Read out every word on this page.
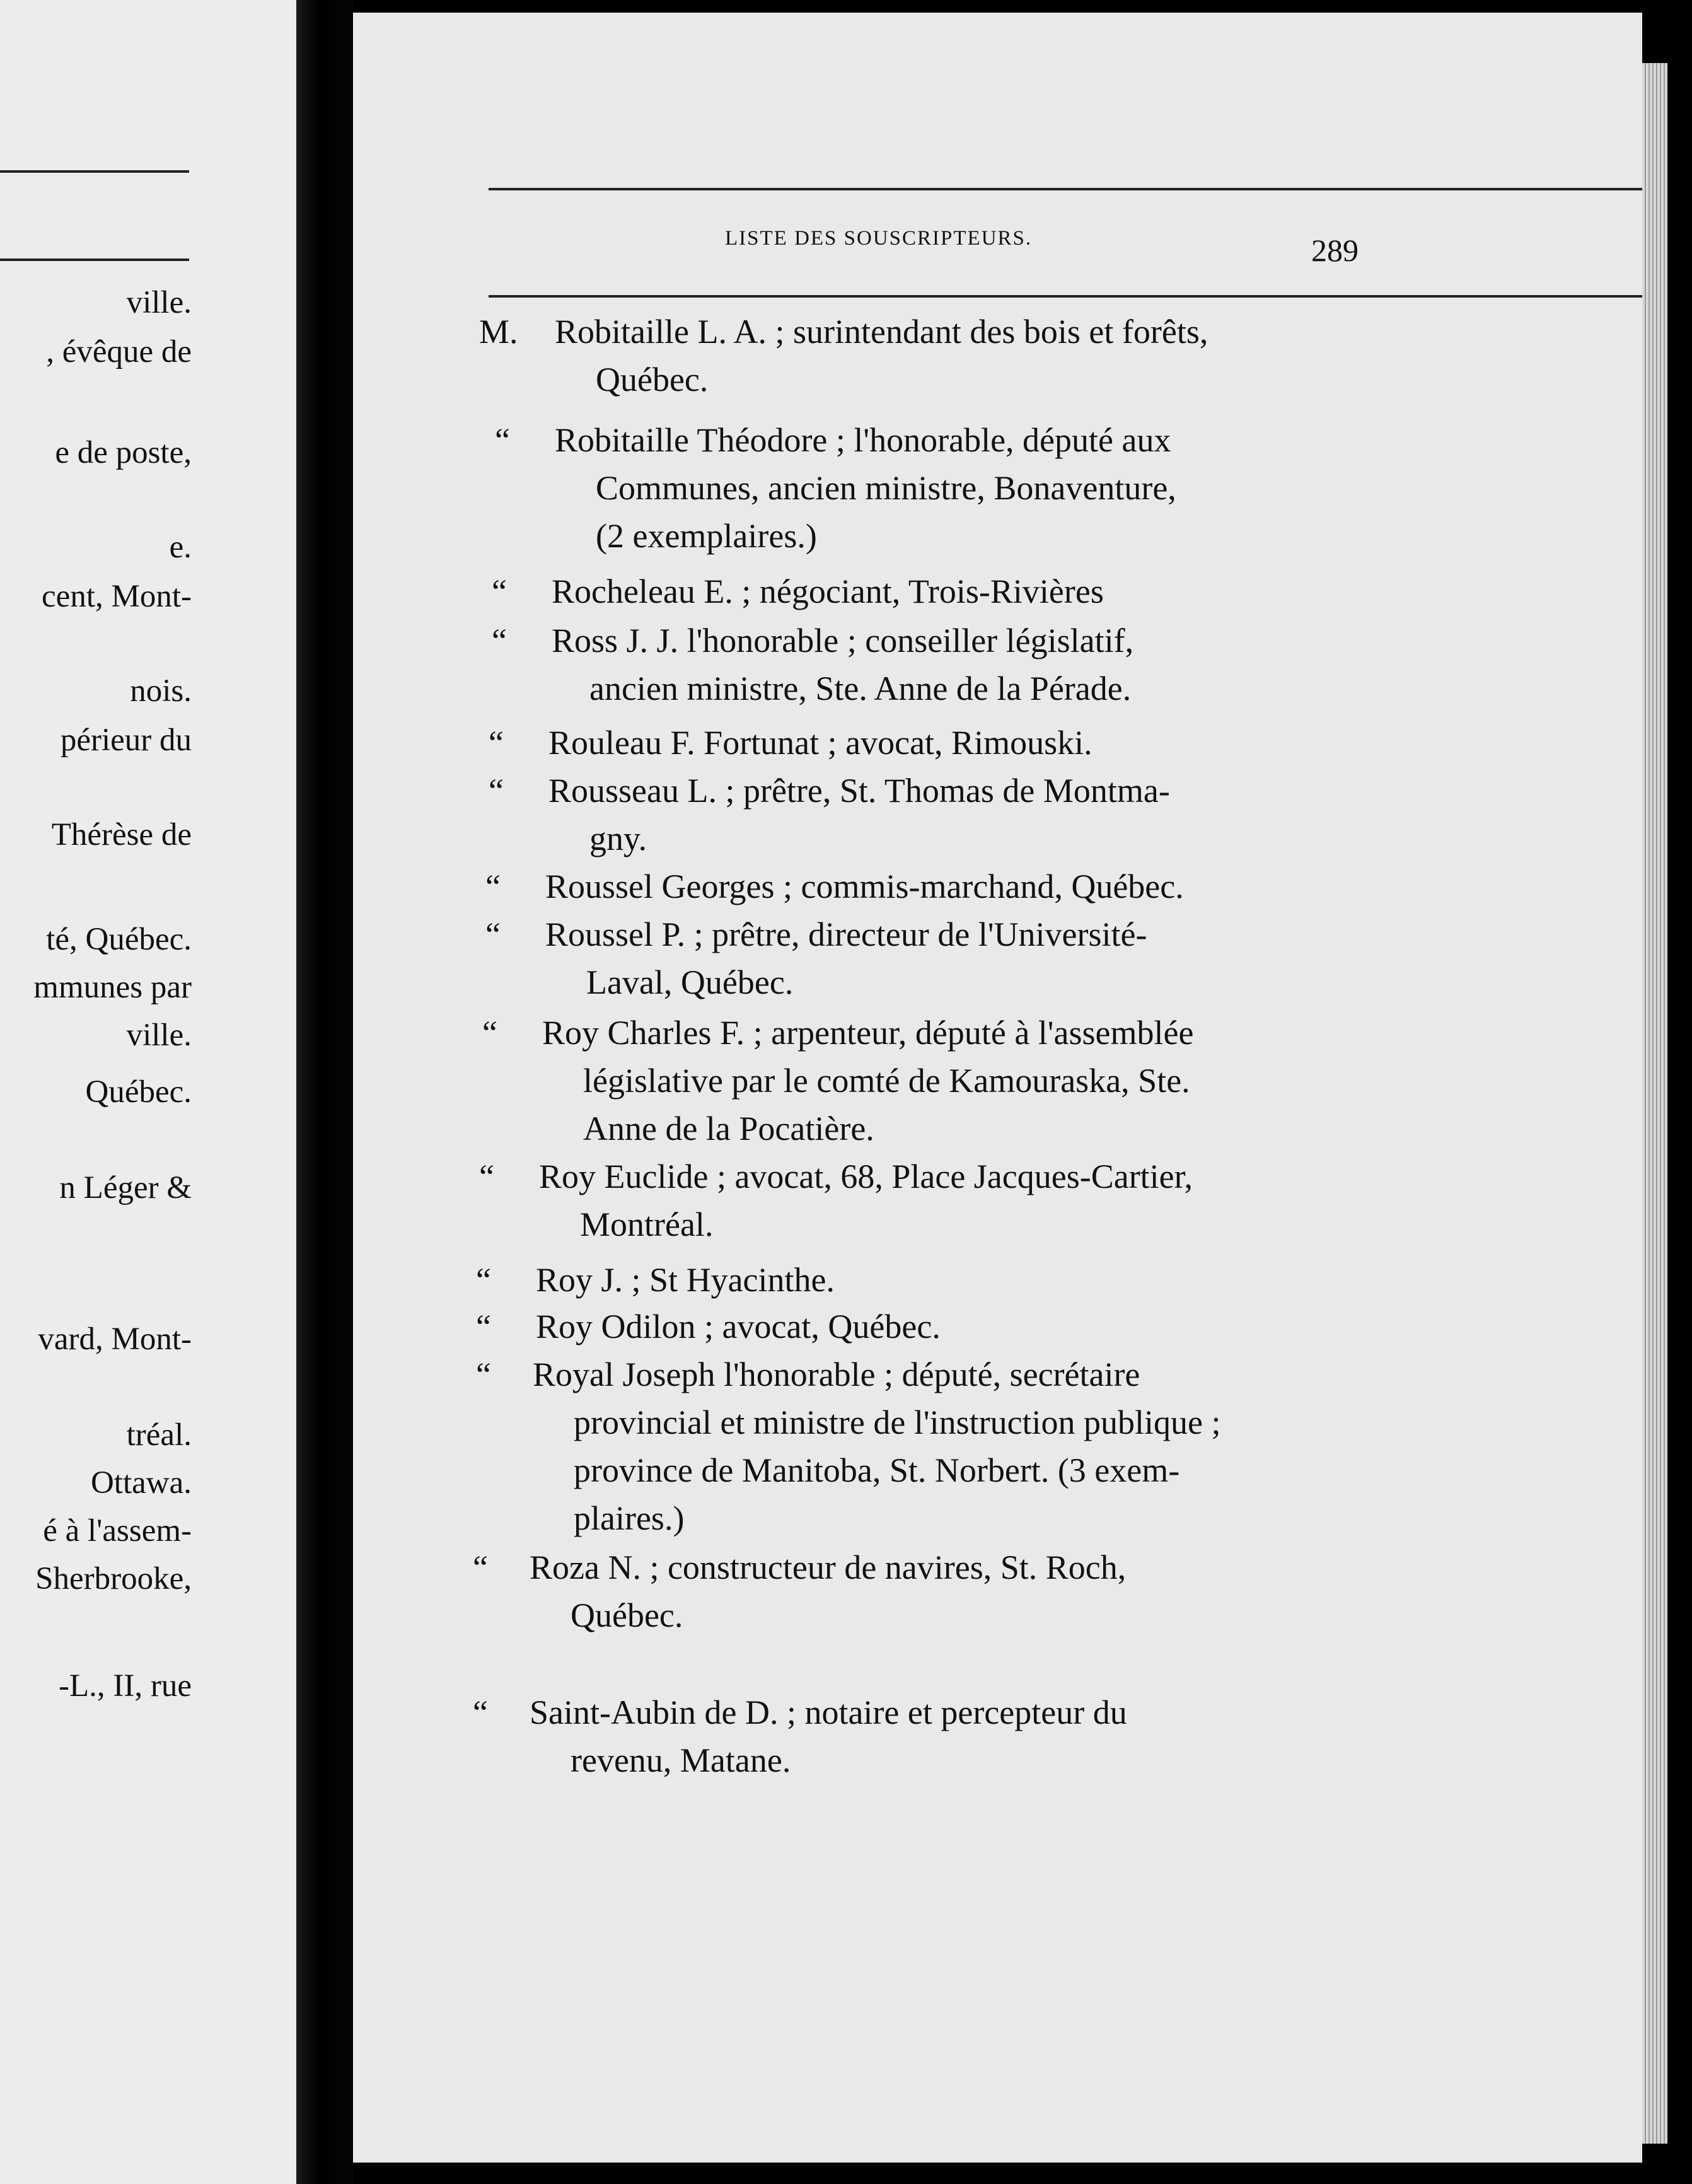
ville.
, évêque de
e de poste,
e.
cent, Mont-
nois.
périeur du
Thérèse de
té, Québec.
mmunes par
ville.
Québec.
n Léger &
vard, Mont-
tréal.
Ottawa.
é à l'assem-
Sherbrooke,
-L., II, rue
LISTE DES SOUSCRIPTEURS.	289
M. Robitaille L. A. ; surintendant des bois et forêts,
Québec.
“ Robitaille Théodore ; l'honorable, député aux
Communes, ancien ministre, Bonaventure,
(2 exemplaires.)
“ Rocheleau E. ; négociant, Trois-Rivières
“ Ross J. J. l'honorable ; conseiller législatif,
ancien ministre, Ste. Anne de la Pérade.
“ Rouleau F. Fortunat ; avocat, Rimouski.
“ Rousseau L. ; prêtre, St. Thomas de Montma-
gny.
“ Roussel Georges ; commis-marchand, Québec.
“ Roussel P. ; prêtre, directeur de l'Université-
Laval, Québec.
“ Roy Charles F. ; arpenteur, député à l'assemblée
législative par le comté de Kamouraska, Ste.
Anne de la Pocatière.
“ Roy Euclide ; avocat, 68, Place Jacques-Cartier,
Montréal.
“ Roy J. ; St Hyacinthe.
“ Roy Odilon ; avocat, Québec.
“ Royal Joseph l'honorable ; député, secrétaire
provincial et ministre de l'instruction publique ;
province de Manitoba, St. Norbert. (3 exem-
plaires.)
“ Roza N. ; constructeur de navires, St. Roch,
Québec.
“ Saint-Aubin de D. ; notaire et percepteur du
revenu, Matane.
